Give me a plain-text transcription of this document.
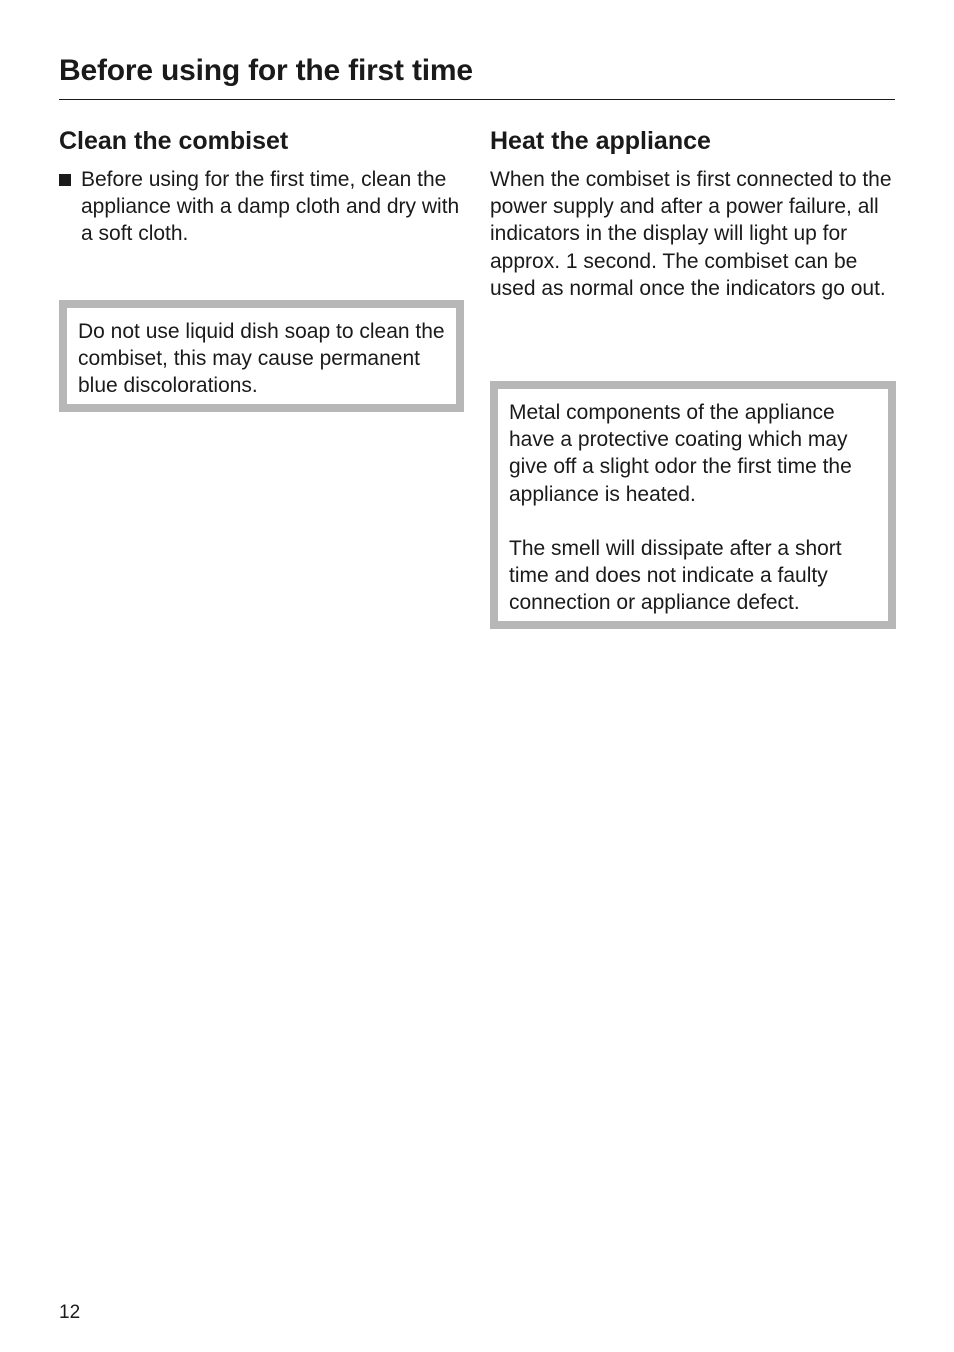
Before using for the first time
Clean the combiset
Before using for the first time, clean the appliance with a damp cloth and dry with a soft cloth.

Do not use liquid dish soap to clean the combiset, this may cause permanent blue discolorations.

Heat the appliance

When the combiset is first connected to the power supply and after a power failure, all indicators in the display will light up for approx. 1 second. The combiset can be used as normal once the indicators go out.

Metal components of the appliance have a protective coating which may give off a slight odor the first time the appliance is heated.

The smell will dissipate after a short time and does not indicate a faulty connection or appliance defect.

12
